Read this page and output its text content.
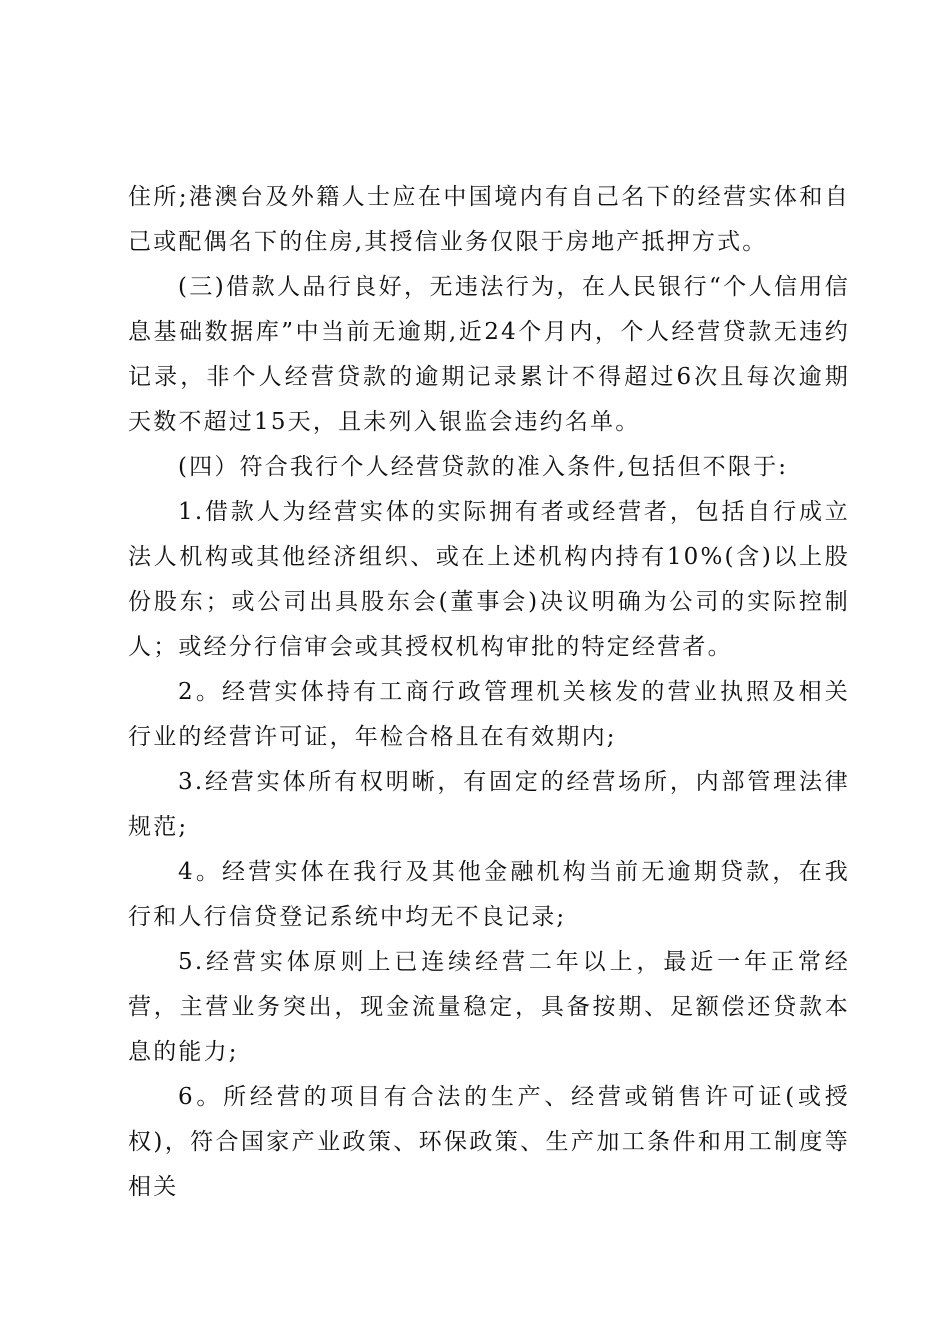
住所;港澳台及外籍人士应在中国境内有自己名下的经营实体和自己或配偶名下的住房,其授信业务仅限于房地产抵押方式。

(三)借款人品行良好，无违法行为，在人民银行“个人信用信息基础数据库”中当前无逾期,近24个月内，个人经营贷款无违约记录，非个人经营贷款的逾期记录累计不得超过6次且每次逾期天数不超过15天，且未列入银监会违约名单。

(四）符合我行个人经营贷款的准入条件,包括但不限于:

1.借款人为经营实体的实际拥有者或经营者，包括自行成立法人机构或其他经济组织、或在上述机构内持有10%(含)以上股份股东；或公司出具股东会(董事会)决议明确为公司的实际控制人；或经分行信审会或其授权机构审批的特定经营者。

2。经营实体持有工商行政管理机关核发的营业执照及相关行业的经营许可证，年检合格且在有效期内;

3.经营实体所有权明晰，有固定的经营场所，内部管理法律规范;

4。经营实体在我行及其他金融机构当前无逾期贷款，在我行和人行信贷登记系统中均无不良记录;

5.经营实体原则上已连续经营二年以上，最近一年正常经营，主营业务突出，现金流量稳定，具备按期、足额偿还贷款本息的能力;

6。所经营的项目有合法的生产、经营或销售许可证(或授权)，符合国家产业政策、环保政策、生产加工条件和用工制度等相关
